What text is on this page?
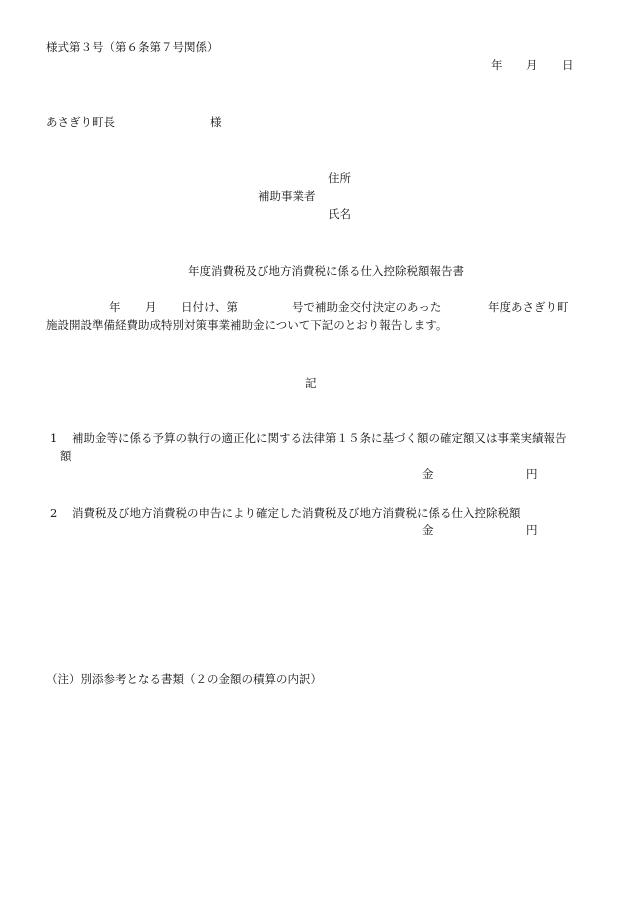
様式第３号（第６条第７号関係）
年 月 日
あさぎり町長	様
住所
補助事業者
氏名
年度消費税及び地方消費税に係る仕入控除税額報告書
年 月 日付け、第	号で補助金交付決定のあった	年度あさぎり町
施設開設準備経費助成特別対策事業補助金について下記のとおり報告します。
記
1 補助金等に係る予算の執行の適正化に関する法律第１５条に基づく額の確定額又は事業実績報告
額
金	円
2 消費税及び地方消費税の申告により確定した消費税及び地方消費税に係る仕入控除税額
金	円
（注）別添参考となる書類（２の金額の積算の内訳）
